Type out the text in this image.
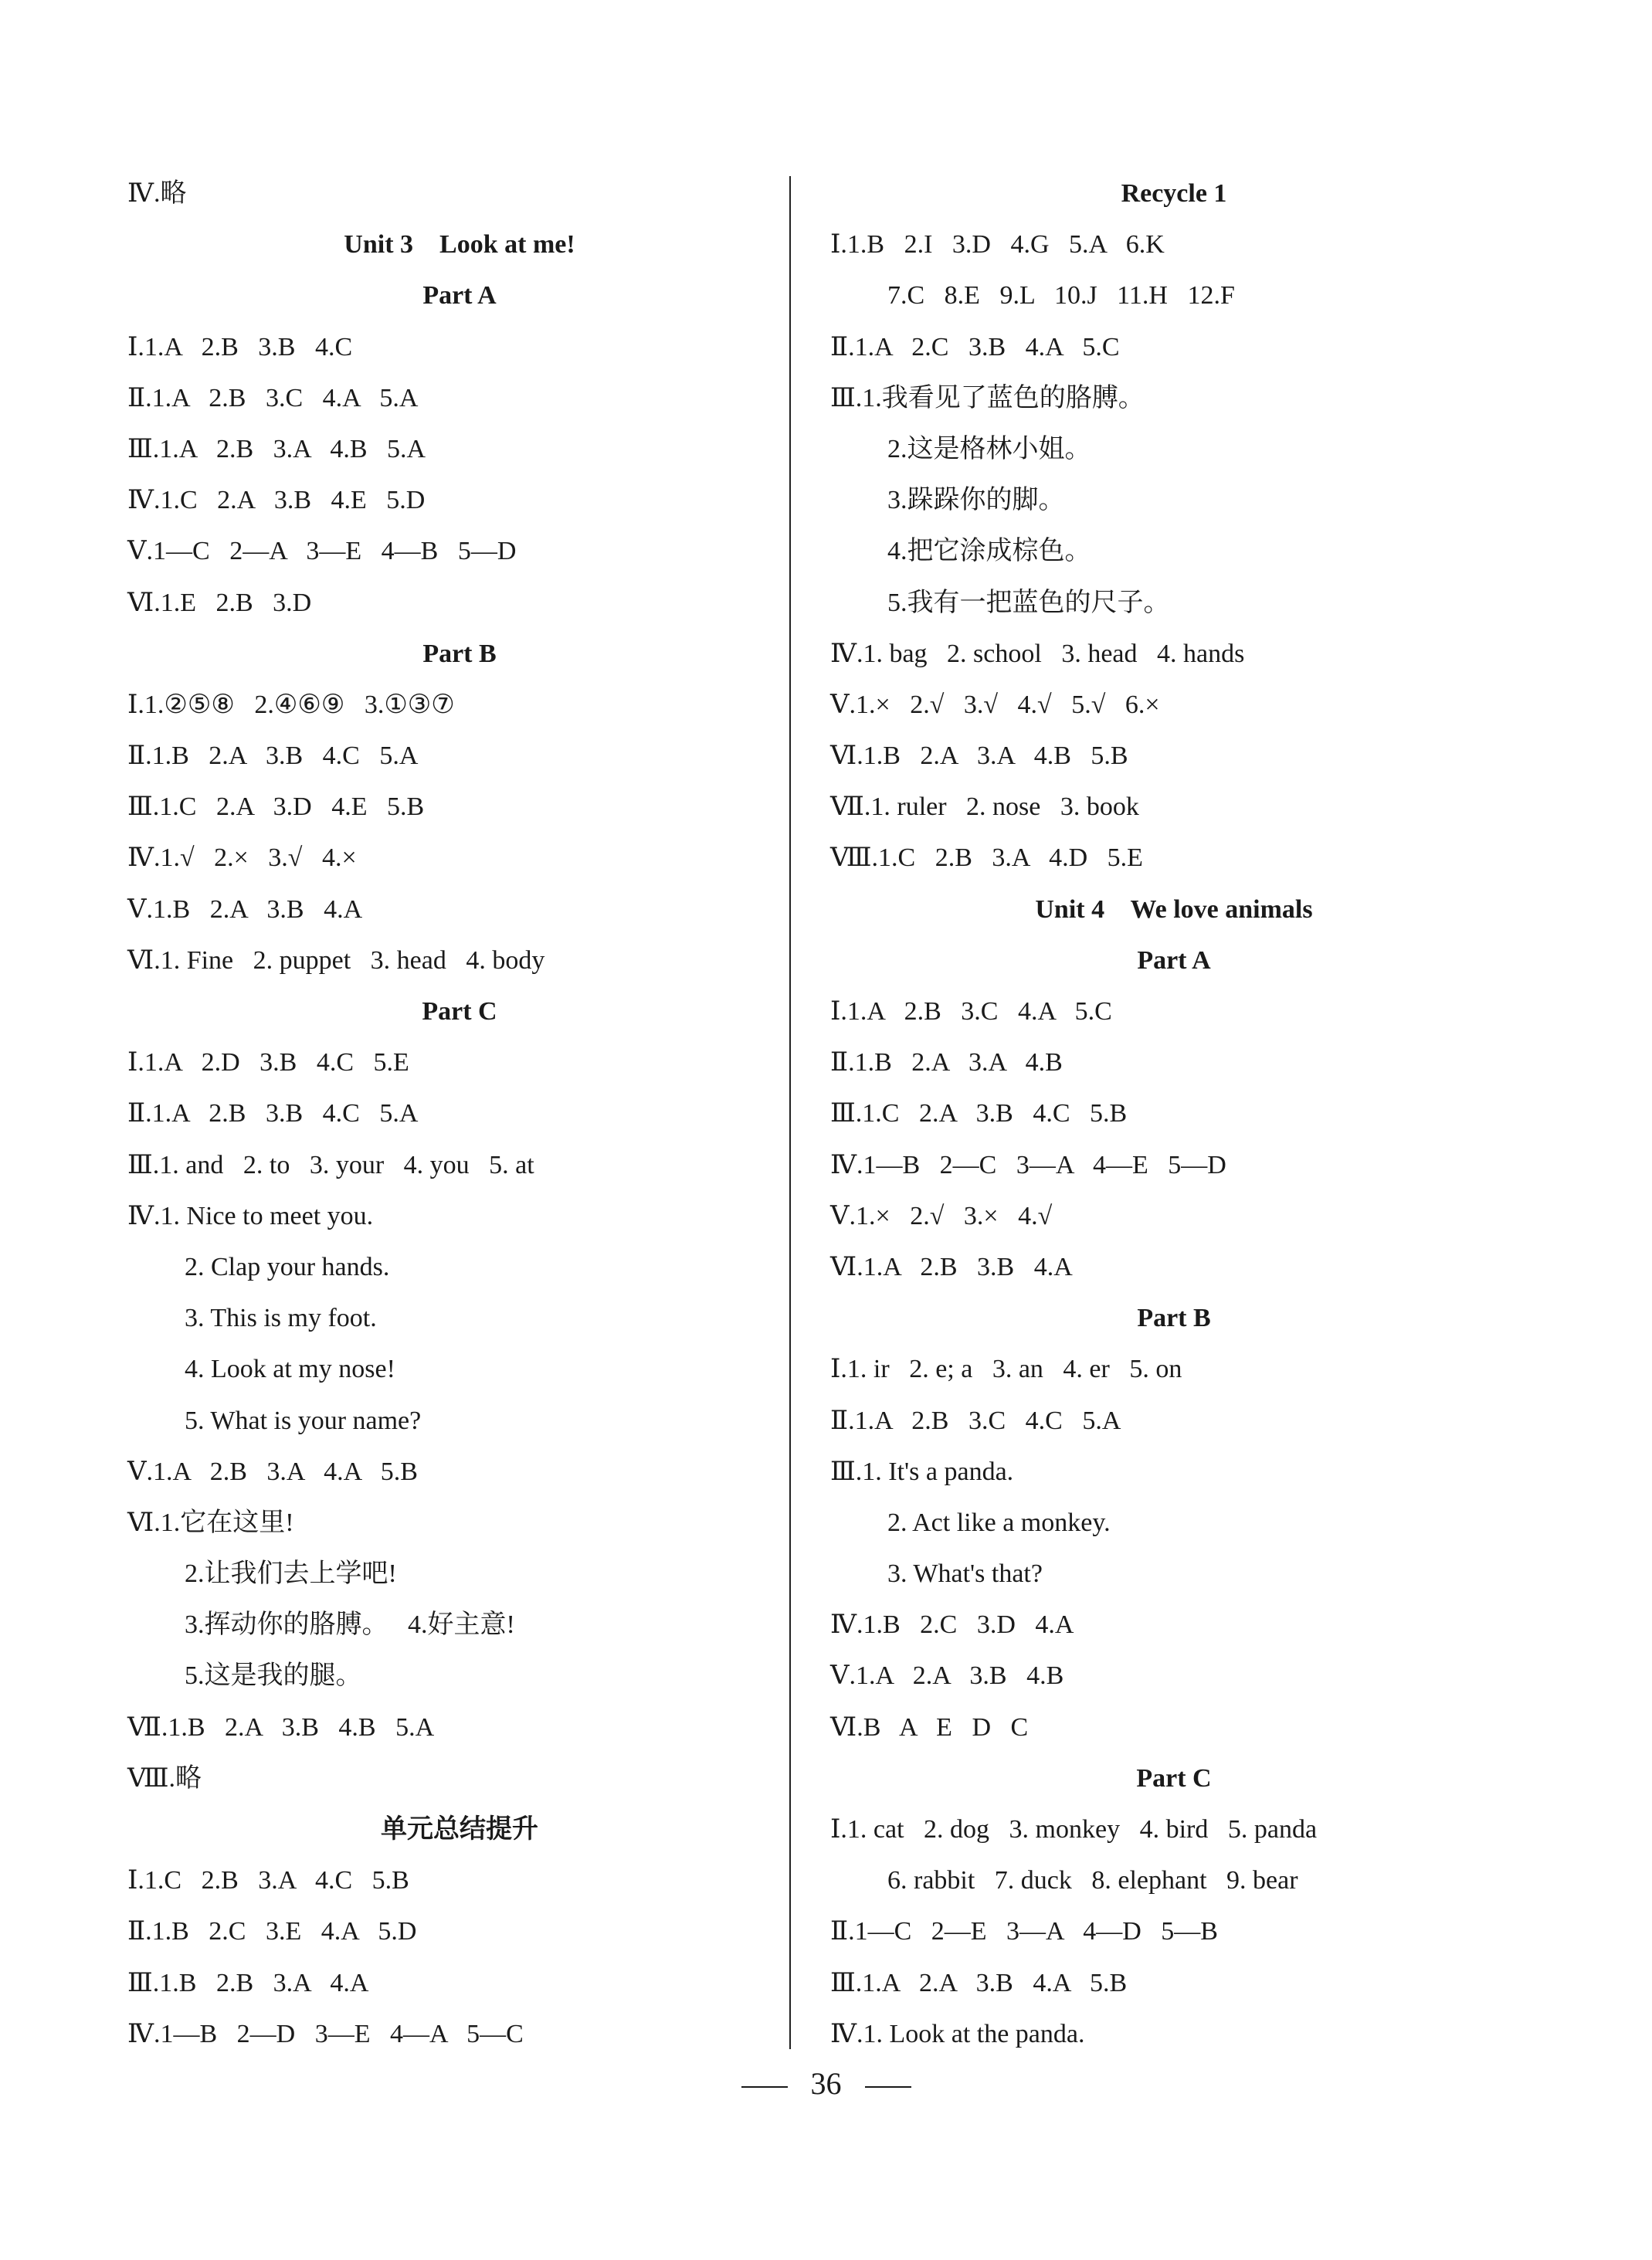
Ⅳ.略
Unit 3    Look at me!
Part A
Ⅰ.1.A   2.B   3.B   4.C
Ⅱ.1.A   2.B   3.C   4.A   5.A
Ⅲ.1.A   2.B   3.A   4.B   5.A
Ⅳ.1.C   2.A   3.B   4.E   5.D
Ⅴ.1—C   2—A   3—E   4—B   5—D
Ⅵ.1.E   2.B   3.D
Part B
Ⅰ.1.②⑤⑧   2.④⑥⑨   3.①③⑦
Ⅱ.1.B   2.A   3.B   4.C   5.A
Ⅲ.1.C   2.A   3.D   4.E   5.B
Ⅳ.1.√   2.×   3.√   4.×
Ⅴ.1.B   2.A   3.B   4.A
Ⅵ.1. Fine   2. puppet   3. head   4. body
Part C
Ⅰ.1.A   2.D   3.B   4.C   5.E
Ⅱ.1.A   2.B   3.B   4.C   5.A
Ⅲ.1. and   2. to   3. your   4. you   5. at
Ⅳ.1. Nice to meet you.
2. Clap your hands.
3. This is my foot.
4. Look at my nose!
5. What is your name?
Ⅴ.1.A   2.B   3.A   4.A   5.B
Ⅵ.1.它在这里!
2.让我们去上学吧!
3.挥动你的胳膊。   4.好主意!
5.这是我的腿。
Ⅶ.1.B   2.A   3.B   4.B   5.A
Ⅷ.略
单元总结提升
Ⅰ.1.C   2.B   3.A   4.C   5.B
Ⅱ.1.B   2.C   3.E   4.A   5.D
Ⅲ.1.B   2.B   3.A   4.A
Ⅳ.1—B   2—D   3—E   4—A   5—C
Recycle 1
Ⅰ.1.B   2.I   3.D   4.G   5.A   6.K
7.C   8.E   9.L   10.J   11.H   12.F
Ⅱ.1.A   2.C   3.B   4.A   5.C
Ⅲ.1.我看见了蓝色的胳膊。
2.这是格林小姐。
3.跺跺你的脚。
4.把它涂成棕色。
5.我有一把蓝色的尺子。
Ⅳ.1. bag   2. school   3. head   4. hands
Ⅴ.1.×   2.√   3.√   4.√   5.√   6.×
Ⅵ.1.B   2.A   3.A   4.B   5.B
Ⅶ.1. ruler   2. nose   3. book
Ⅷ.1.C   2.B   3.A   4.D   5.E
Unit 4    We love animals
Part A
Ⅰ.1.A   2.B   3.C   4.A   5.C
Ⅱ.1.B   2.A   3.A   4.B
Ⅲ.1.C   2.A   3.B   4.C   5.B
Ⅳ.1—B   2—C   3—A   4—E   5—D
Ⅴ.1.×   2.√   3.×   4.√
Ⅵ.1.A   2.B   3.B   4.A
Part B
Ⅰ.1. ir   2. e; a   3. an   4. er   5. on
Ⅱ.1.A   2.B   3.C   4.C   5.A
Ⅲ.1. It's a panda.
2. Act like a monkey.
3. What's that?
Ⅳ.1.B   2.C   3.D   4.A
Ⅴ.1.A   2.A   3.B   4.B
Ⅵ.B   A   E   D   C
Part C
Ⅰ.1. cat   2. dog   3. monkey   4. bird   5. panda
6. rabbit   7. duck   8. elephant   9. bear
Ⅱ.1—C   2—E   3—A   4—D   5—B
Ⅲ.1.A   2.A   3.B   4.A   5.B
Ⅳ.1. Look at the panda.
36
